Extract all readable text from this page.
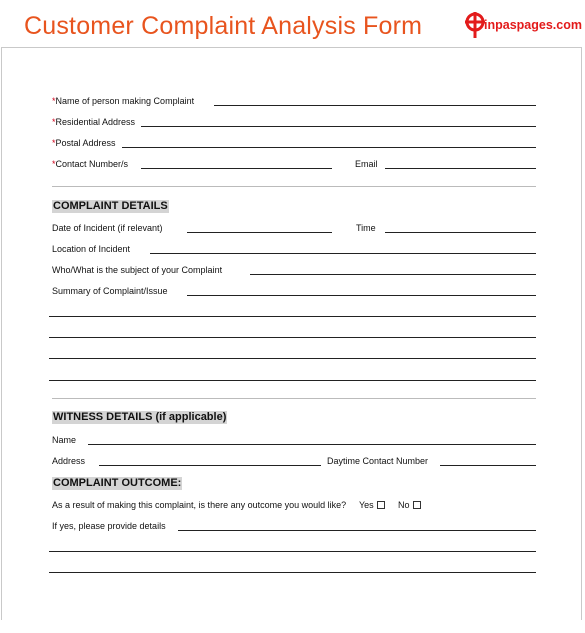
Customer Complaint Analysis Form	inpaspages.com
*Name of person making Complaint
*Residential Address
*Postal Address
*Contact Number/s	Email
COMPLAINT DETAILS
Date of Incident (if relevant)	Time
Location of Incident
Who/What is the subject of your Complaint
Summary of Complaint/Issue
WITNESS DETAILS (if applicable)
Name
Address	Daytime Contact Number
COMPLAINT OUTCOME:
As a result of making this complaint, is there any outcome you would like? Yes	No
If yes, please provide details
